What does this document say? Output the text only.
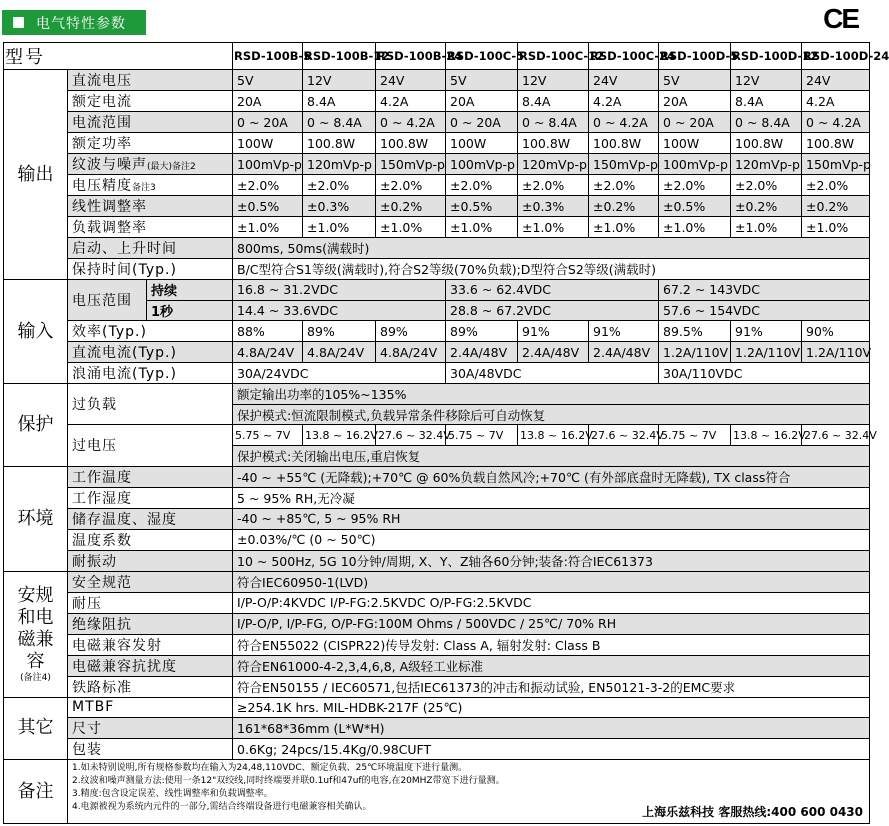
电气特性参数	CE
型号			RSD-100B-5	RSD-100B-12	RSD-100B-24	RSD-100C-5	RSD-100C-12	RSD-100C-24	RSD-100D-5	RSD-100D-12	RSD-100D-24
输出	直流电压		5V	12V	24V	5V	12V	24V	5V	12V	24V
	额定电流		20A	8.4A	4.2A	20A	8.4A	4.2A	20A	8.4A	4.2A
	电流范围		0 ~ 20A	0 ~ 8.4A	0 ~ 4.2A	0 ~ 20A	0 ~ 8.4A	0 ~ 4.2A	0 ~ 20A	0 ~ 8.4A	0 ~ 4.2A
	额定功率		100W	100.8W	100.8W	100W	100.8W	100.8W	100W	100.8W	100.8W
	纹波与噪声(最大)备注2		100mVp-p	120mVp-p	150mVp-p	100mVp-p	120mVp-p	150mVp-p	100mVp-p	120mVp-p	150mVp-p
	电压精度备注3		±2.0%	±2.0%	±2.0%	±2.0%	±2.0%	±2.0%	±2.0%	±2.0%	±2.0%
	线性调整率		±0.5%	±0.3%	±0.2%	±0.5%	±0.3%	±0.2%	±0.5%	±0.2%	±0.2%
	负载调整率		±1.0%	±1.0%	±1.0%	±1.0%	±1.0%	±1.0%	±1.0%	±1.0%	±1.0%
	启动、上升时间		800ms, 50ms(满载时)								
	保持时间(Typ.)		B/C型符合S1等级(满载时),符合S2等级(70%负载);D型符合S2等级(满载时)								
输入	电压范围	持续	16.8 ~ 31.2VDC			33.6 ~ 62.4VDC			67.2 ~ 143VDC		
		1秒	14.4 ~ 33.6VDC			28.8 ~ 67.2VDC			57.6 ~ 154VDC		
	效率(Typ.)		88%	89%	89%	89%	91%	91%	89.5%	91%	90%
	直流电流(Typ.)		4.8A/24V	4.8A/24V	4.8A/24V	2.4A/48V	2.4A/48V	2.4A/48V	1.2A/110V	1.2A/110V	1.2A/110V
	浪涌电流(Typ.)		30A/24VDC			30A/48VDC			30A/110VDC		
保护	过负载		额定输出功率的105%~135%								
			保护模式:恒流限制模式,负载异常条件移除后可自动恢复								
	过电压		5.75 ~ 7V	13.8 ~ 16.2V	27.6 ~ 32.4V	5.75 ~ 7V	13.8 ~ 16.2V	27.6 ~ 32.4V	5.75 ~ 7V	13.8 ~ 16.2V	27.6 ~ 32.4V
			保护模式:关闭输出电压,重启恢复								
环境	工作温度		-40 ~ +55℃ (无降载);+70℃ @ 60%负载自然风冷;+70℃ (有外部底盘时无降载), TX class符合								
	工作湿度		5 ~ 95% RH,无冷凝								
	储存温度、湿度		-40 ~ +85℃, 5 ~ 95% RH								
	温度系数		±0.03%/℃ (0 ~ 50℃)								
	耐振动		10 ~ 500Hz, 5G 10分钟/周期, X、Y、Z轴各60分钟;装备:符合IEC61373								

安规和电磁兼容
(备注4)	安全规范		符合IEC60950-1(LVD)								
	耐压		I/P-O/P:4KVDC I/P-FG:2.5KVDC O/P-FG:2.5KVDC								
	绝缘阻抗		I/P-O/P, I/P-FG, O/P-FG:100M Ohms / 500VDC / 25℃/ 70% RH								
	电磁兼容发射		符合EN55022 (CISPR22)传导发射: Class A, 辐射发射: Class B								
	电磁兼容抗扰度		符合EN61000-4-2,3,4,6,8, A级轻工业标准								
	铁路标准		符合EN50155 / IEC60571,包括IEC61373的冲击和振动试验, EN50121-3-2的EMC要求								
其它	MTBF		≥254.1K hrs. MIL-HDBK-217F (25℃)								
	尺寸		161*68*36mm (L*W*H)								
	包装		0.6Kg; 24pcs/15.4Kg/0.98CUFT								
备注	1.如未特别说明,所有规格参数均在输入为24,48,110VDC、额定负载、25℃环境温度下进行量测。
2.纹波和噪声测量方法:使用一条12"双绞线,同时终端要并联0.1uf和47uf的电容,在20MHZ带宽下进行量测。
3.精度:包含设定误差、线性调整率和负载调整率。
4.电源被视为系统内元件的一部分,需结合终端设备进行电磁兼容相关确认。 上海乐兹科技 客服热线:400 600 0430										
